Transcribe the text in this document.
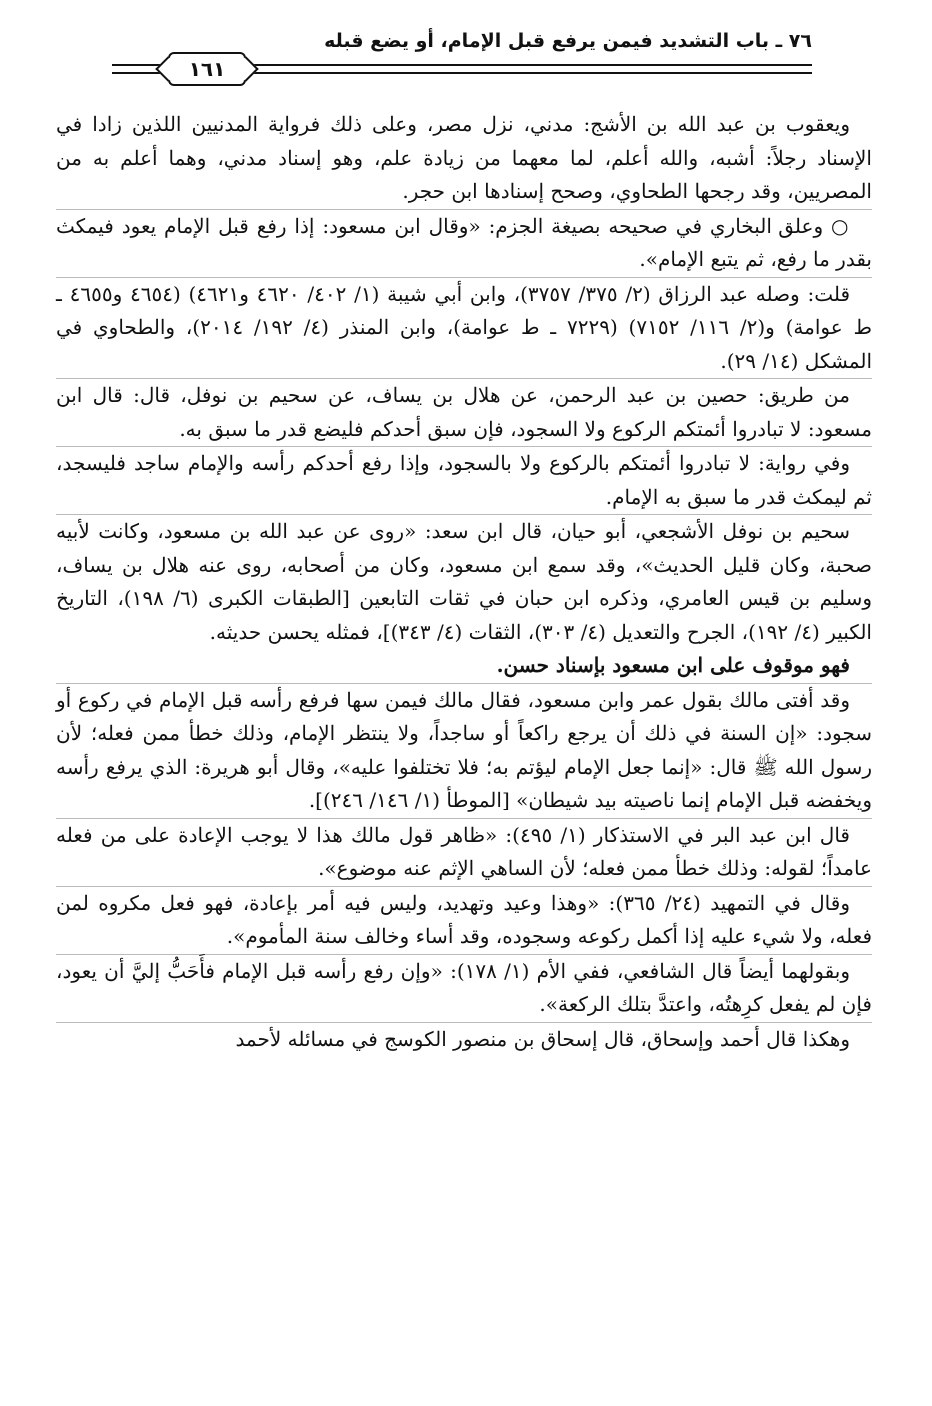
٧٦ ـ باب التشديد فيمن يرفع قبل الإمام، أو يضع قبله
١٦١

ويعقوب بن عبد الله بن الأشج: مدني، نزل مصر، وعلى ذلك فرواية المدنيين اللذين زادا في الإسناد رجلاً: أشبه، والله أعلم، لما معهما من زيادة علم، وهو إسناد مدني، وهما أعلم به من المصريين، وقد رجحها الطحاوي، وصحح إسنادها ابن حجر.

○ وعلق البخاري في صحيحه بصيغة الجزم: «وقال ابن مسعود: إذا رفع قبل الإمام يعود فيمكث بقدر ما رفع، ثم يتبع الإمام».

قلت: وصله عبد الرزاق (٢/ ٣٧٥/ ٣٧٥٧)، وابن أبي شيبة (١/ ٤٠٢/ ٤٦٢٠ و٤٦٢١) (٤٦٥٤ و٤٦٥٥ ـ ط عوامة) و(٢/ ١١٦/ ٧١٥٢) (٧٢٢٩ ـ ط عوامة)، وابن المنذر (٤/ ١٩٢/ ٢٠١٤)، والطحاوي في المشكل (١٤/ ٢٩).

من طريق: حصين بن عبد الرحمن، عن هلال بن يساف، عن سحيم بن نوفل، قال: قال ابن مسعود: لا تبادروا أئمتكم الركوع ولا السجود، فإن سبق أحدكم فليضع قدر ما سبق به.

وفي رواية: لا تبادروا أئمتكم بالركوع ولا بالسجود، وإذا رفع أحدكم رأسه والإمام ساجد فليسجد، ثم ليمكث قدر ما سبق به الإمام.

سحيم بن نوفل الأشجعي، أبو حيان، قال ابن سعد: «روى عن عبد الله بن مسعود، وكانت لأبيه صحبة، وكان قليل الحديث»، وقد سمع ابن مسعود، وكان من أصحابه، روى عنه هلال بن يساف، وسليم بن قيس العامري، وذكره ابن حبان في ثقات التابعين [الطبقات الكبرى (٦/ ١٩٨)، التاريخ الكبير (٤/ ١٩٢)، الجرح والتعديل (٤/ ٣٠٣)، الثقات (٤/ ٣٤٣)]، فمثله يحسن حديثه.

فهو موقوف على ابن مسعود بإسناد حسن.

وقد أفتى مالك بقول عمر وابن مسعود، فقال مالك فيمن سها فرفع رأسه قبل الإمام في ركوع أو سجود: «إن السنة في ذلك أن يرجع راكعاً أو ساجداً، ولا ينتظر الإمام، وذلك خطأ ممن فعله؛ لأن رسول الله ﷺ قال: «إنما جعل الإمام ليؤتم به؛ فلا تختلفوا عليه»، وقال أبو هريرة: الذي يرفع رأسه ويخفضه قبل الإمام إنما ناصيته بيد شيطان» [الموطأ (١/ ١٤٦/ ٢٤٦)].

قال ابن عبد البر في الاستذكار (١/ ٤٩٥): «ظاهر قول مالك هذا لا يوجب الإعادة على من فعله عامداً؛ لقوله: وذلك خطأ ممن فعله؛ لأن الساهي الإثم عنه موضوع».

وقال في التمهيد (٢٤/ ٣٦٥): «وهذا وعيد وتهديد، وليس فيه أمر بإعادة، فهو فعل مكروه لمن فعله، ولا شيء عليه إذا أكمل ركوعه وسجوده، وقد أساء وخالف سنة المأموم».

وبقولهما أيضاً قال الشافعي، ففي الأم (١/ ١٧٨): «وإن رفع رأسه قبل الإمام فأَحَبُّ إليَّ أن يعود، فإن لم يفعل كرِهتُه، واعتدَّ بتلك الركعة».

وهكذا قال أحمد وإسحاق، قال إسحاق بن منصور الكوسج في مسائله لأحمد
